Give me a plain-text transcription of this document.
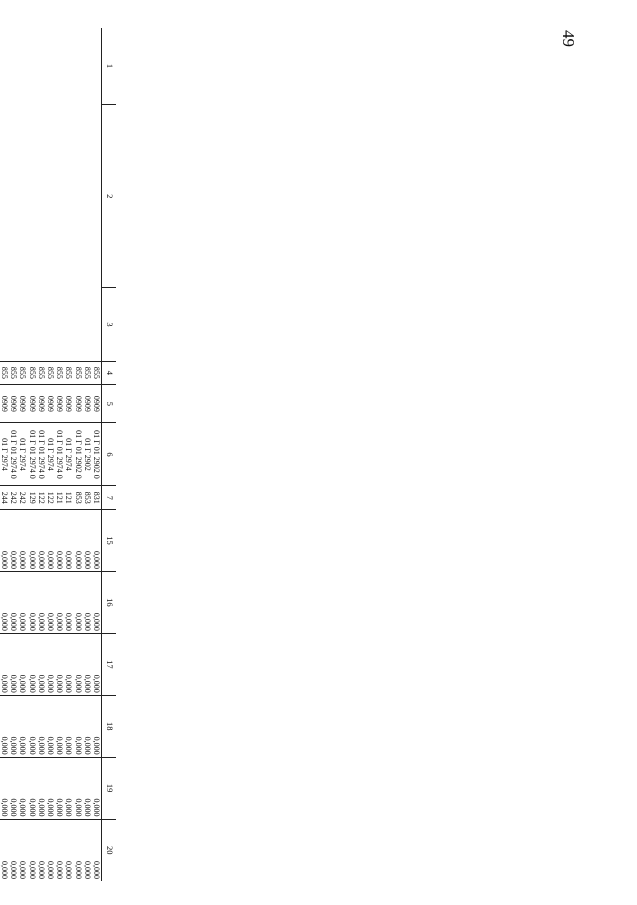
49
1	2	3	4	5	6	7	15	16	17	18	19	20
			855	0909	01 Г 01 2902 0	831	0,000	0,000	0,000	0,000	0,000	0,000
			855	0909	01 Г 2902	853	0,000	0,000	0,000	0,000	0,000	0,000
			855	0909	01 Г 01 2902 0	853	0,000	0,000	0,000	0,000	0,000	0,000
			855	0909	01 Г 2974	121	0,000	0,000	0,000	0,000	0,000	0,000
			855	0909	01 Г 01 2974 0	121	0,000	0,000	0,000	0,000	0,000	0,000
			855	0909	01 Г 2974	122	0,000	0,000	0,000	0,000	0,000	0,000
			855	0909	01 Г 01 2974 0	122	0,000	0,000	0,000	0,000	0,000	0,000
			855	0909	01 Г 01 2974 0	129	0,000	0,000	0,000	0,000	0,000	0,000
			855	0909	01 Г 2974	242	0,000	0,000	0,000	0,000	0,000	0,000
			855	0909	01 Г 01 2974 0	242	0,000	0,000	0,000	0,000	0,000	0,000
			855	0909	01 Г 2974	244	0,000	0,000	0,000	0,000	0,000	0,000
